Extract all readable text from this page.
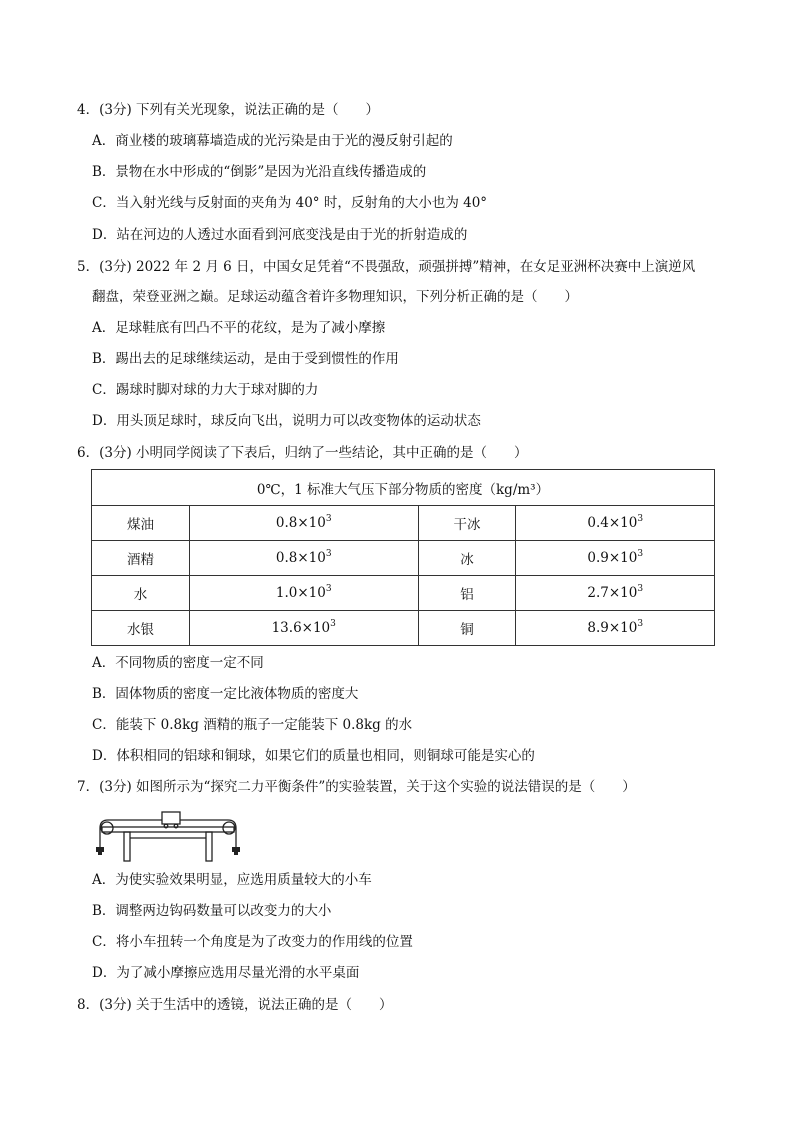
4．(3分) 下列有关光现象，说法正确的是（　　）
A．商业楼的玻璃幕墙造成的光污染是由于光的漫反射引起的
B．景物在水中形成的“倒影”是因为光沿直线传播造成的
C．当入射光线与反射面的夹角为 40° 时，反射角的大小也为 40°
D．站在河边的人透过水面看到河底变浅是由于光的折射造成的
5．(3分) 2022 年 2 月 6 日，中国女足凭着“不畏强敌，顽强拼搏”精神，在女足亚洲杯决赛中上演逆风
翻盘，荣登亚洲之巅。足球运动蕴含着许多物理知识，下列分析正确的是（　　）
A．足球鞋底有凹凸不平的花纹，是为了减小摩擦
B．踢出去的足球继续运动，是由于受到惯性的作用
C．踢球时脚对球的力大于球对脚的力
D．用头顶足球时，球反向飞出，说明力可以改变物体的运动状态
6．(3分) 小明同学阅读了下表后，归纳了一些结论，其中正确的是（　　）
0℃，1 标准大气压下部分物质的密度（kg/m³）			
煤油	$0.8\times 10^3$	干冰	$0.4\times 10^3$
酒精	$0.8\times 10^3$	冰	$0.9\times 10^3$
水	$1.0\times 10^3$	铝	$2.7\times 10^3$
水银	$13.6\times 10^3$	铜	$8.9\times 10^3$
A．不同物质的密度一定不同
B．固体物质的密度一定比液体物质的密度大
C．能装下 0.8kg 酒精的瓶子一定能装下 0.8kg 的水
D．体积相同的铝球和铜球，如果它们的质量也相同，则铜球可能是实心的
7．(3分) 如图所示为“探究二力平衡条件”的实验装置，关于这个实验的说法错误的是（　　）
A．为使实验效果明显，应选用质量较大的小车
B．调整两边钩码数量可以改变力的大小
C．将小车扭转一个角度是为了改变力的作用线的位置
D．为了减小摩擦应选用尽量光滑的水平桌面
8．(3分) 关于生活中的透镜，说法正确的是（　　）
